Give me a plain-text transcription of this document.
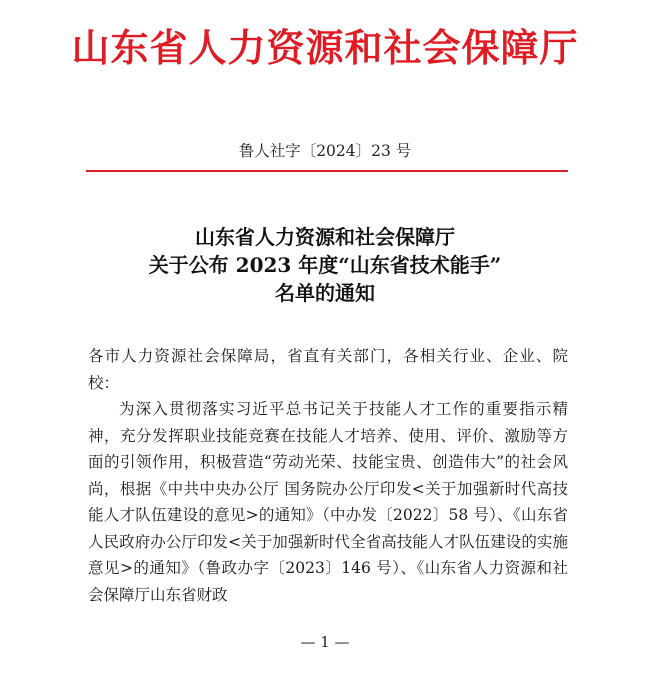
山东省人力资源和社会保障厅
鲁人社字〔2024〕23 号
山东省人力资源和社会保障厅
关于公布 2023 年度“山东省技术能手”
名单的通知

各市人力资源社会保障局，省直有关部门，各相关行业、企业、院校：

为深入贯彻落实习近平总书记关于技能人才工作的重要指示精神，充分发挥职业技能竞赛在技能人才培养、使用、评价、激励等方面的引领作用，积极营造“劳动光荣、技能宝贵、创造伟大”的社会风尚，根据《中共中央办公厅 国务院办公厅印发<关于加强新时代高技能人才队伍建设的意见>的通知》（中办发〔2022〕58 号）、《山东省人民政府办公厅印发<关于加强新时代全省高技能人才队伍建设的实施意见>的通知》（鲁政办字〔2023〕146 号）、《山东省人力资源和社会保障厅山东省财政

— 1 —
